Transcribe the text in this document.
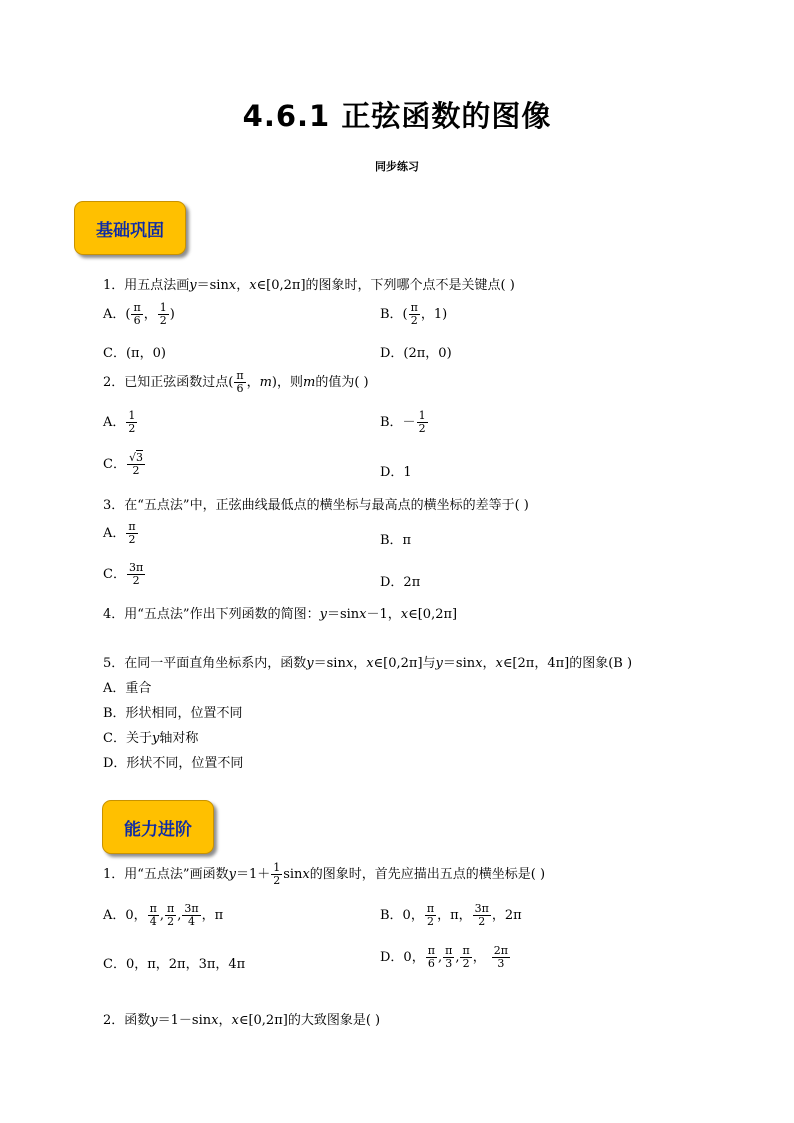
4.6.1 正弦函数的图像
同步练习
基础巩固
1．用五点法画y＝sinx，x∈[0,2π]的图象时，下列哪个点不是关键点( )
A．( $\frac{\pi}{6}$ ， $\frac{1}{2}$ )	B．( $\frac{\pi}{2}$ ，1)
C．(π，0)	D．(2π，0)
2．已知正弦函数过点( $\frac{\pi}{6}$ ，m)，则m的值为( )
A． $\frac{1}{2}$	B．－ $\frac{1}{2}$
C． $\frac{√3}{2}$	D．1
3．在“五点法”中，正弦曲线最低点的横坐标与最高点的横坐标的差等于( )
A． $\frac{\pi}{2}$	B．π
C． $\frac{3\pi}{2}$	D．2π
4．用“五点法”作出下列函数的简图：y＝sinx－1，x∈[0,2π]
5．在同一平面直角坐标系内，函数y＝sinx，x∈[0,2π]与y＝sinx，x∈[2π，4π]的图象(B )
A．重合
B．形状相同，位置不同
C．关于y轴对称
D．形状不同，位置不同
能力进阶
1．用“五点法”画函数$y=1+ \frac{1}{2}$ sinx的图象时，首先应描出五点的横坐标是( )
A．0， $\frac{\pi}{4}$ , $\frac{\pi}{2}$ , $\frac{3\pi}{4}$ ，π	B．0， $\frac{\pi}{2}$ ，π， $\frac{3\pi}{2}$ ，2π
C．0，π，2π，3π，4π	D．0， $\frac{\pi}{6}$ , $\frac{\pi}{3}$ , $\frac{\pi}{2}$ ， $\frac{2\pi}{3}$
2．函数y＝1－sinx，x∈[0,2π]的大致图象是( )
